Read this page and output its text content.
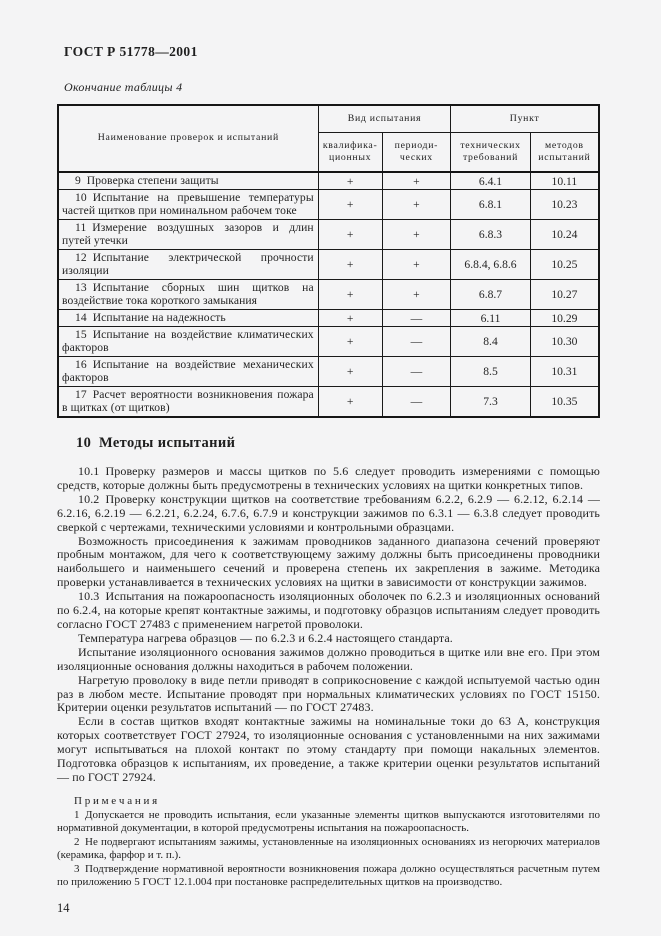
ГОСТ Р 51778—2001
Окончание таблицы 4
Наименование проверок и испытаний	Вид испытания		Пункт	
	квалифика-ционных	периоди-ческих	технических требований	методов испытаний
9 Проверка степени защиты	+	+	6.4.1	10.11
10 Испытание на превышение температуры частей щитков при номинальном рабочем токе	+	+	6.8.1	10.23
11 Измерение воздушных зазоров и длин путей утечки	+	+	6.8.3	10.24
12 Испытание электрической прочности изоляции	+	+	6.8.4, 6.8.6	10.25
13 Испытание сборных шин щитков на воздействие тока короткого замыкания	+	+	6.8.7	10.27
14 Испытание на надежность	+	—	6.11	10.29
15 Испытание на воздействие климатических факторов	+	—	8.4	10.30
16 Испытание на воздействие механических факторов	+	—	8.5	10.31
17 Расчет вероятности возникновения пожара в щитках (от щитков)	+	—	7.3	10.35
10 Методы испытаний

10.1 Проверку размеров и массы щитков по 5.6 следует проводить измерениями с помощью средств, которые должны быть предусмотрены в технических условиях на щитки конкретных типов.

10.2 Проверку конструкции щитков на соответствие требованиям 6.2.2, 6.2.9 — 6.2.12, 6.2.14 — 6.2.16, 6.2.19 — 6.2.21, 6.2.24, 6.7.6, 6.7.9 и конструкции зажимов по 6.3.1 — 6.3.8 следует проводить сверкой с чертежами, техническими условиями и контрольными образцами.

Возможность присоединения к зажимам проводников заданного диапазона сечений проверяют пробным монтажом, для чего к соответствующему зажиму должны быть присоединены проводники наибольшего и наименьшего сечений и проверена степень их закрепления в зажиме. Методика проверки устанавливается в технических условиях на щитки в зависимости от конструкции зажимов.

10.3 Испытания на пожароопасность изоляционных оболочек по 6.2.3 и изоляционных оснований по 6.2.4, на которые крепят контактные зажимы, и подготовку образцов испытаниям следует проводить согласно ГОСТ 27483 с применением нагретой проволоки.

Температура нагрева образцов — по 6.2.3 и 6.2.4 настоящего стандарта.

Испытание изоляционного основания зажимов должно проводиться в щитке или вне его. При этом изоляционные основания должны находиться в рабочем положении.

Нагретую проволоку в виде петли приводят в соприкосновение с каждой испытуемой частью один раз в любом месте. Испытание проводят при нормальных климатических условиях по ГОСТ 15150. Критерии оценки результатов испытаний — по ГОСТ 27483.

Если в состав щитков входят контактные зажимы на номинальные токи до 63 А, конструкция которых соответствует ГОСТ 27924, то изоляционные основания с установленными на них зажимами могут испытываться на плохой контакт по этому стандарту при помощи накальных элементов. Подготовка образцов к испытаниям, их проведение, а также критерии оценки результатов испытаний — по ГОСТ 27924.

П р и м е ч а н и я

1 Допускается не проводить испытания, если указанные элементы щитков выпускаются изготовителями по нормативной документации, в которой предусмотрены испытания на пожароопасность.

2 Не подвергают испытаниям зажимы, установленные на изоляционных основаниях из негорючих материалов (керамика, фарфор и т. п.).

3 Подтверждение нормативной вероятности возникновения пожара должно осуществляться расчетным путем по приложению 5 ГОСТ 12.1.004 при постановке распределительных щитков на производство.

14
